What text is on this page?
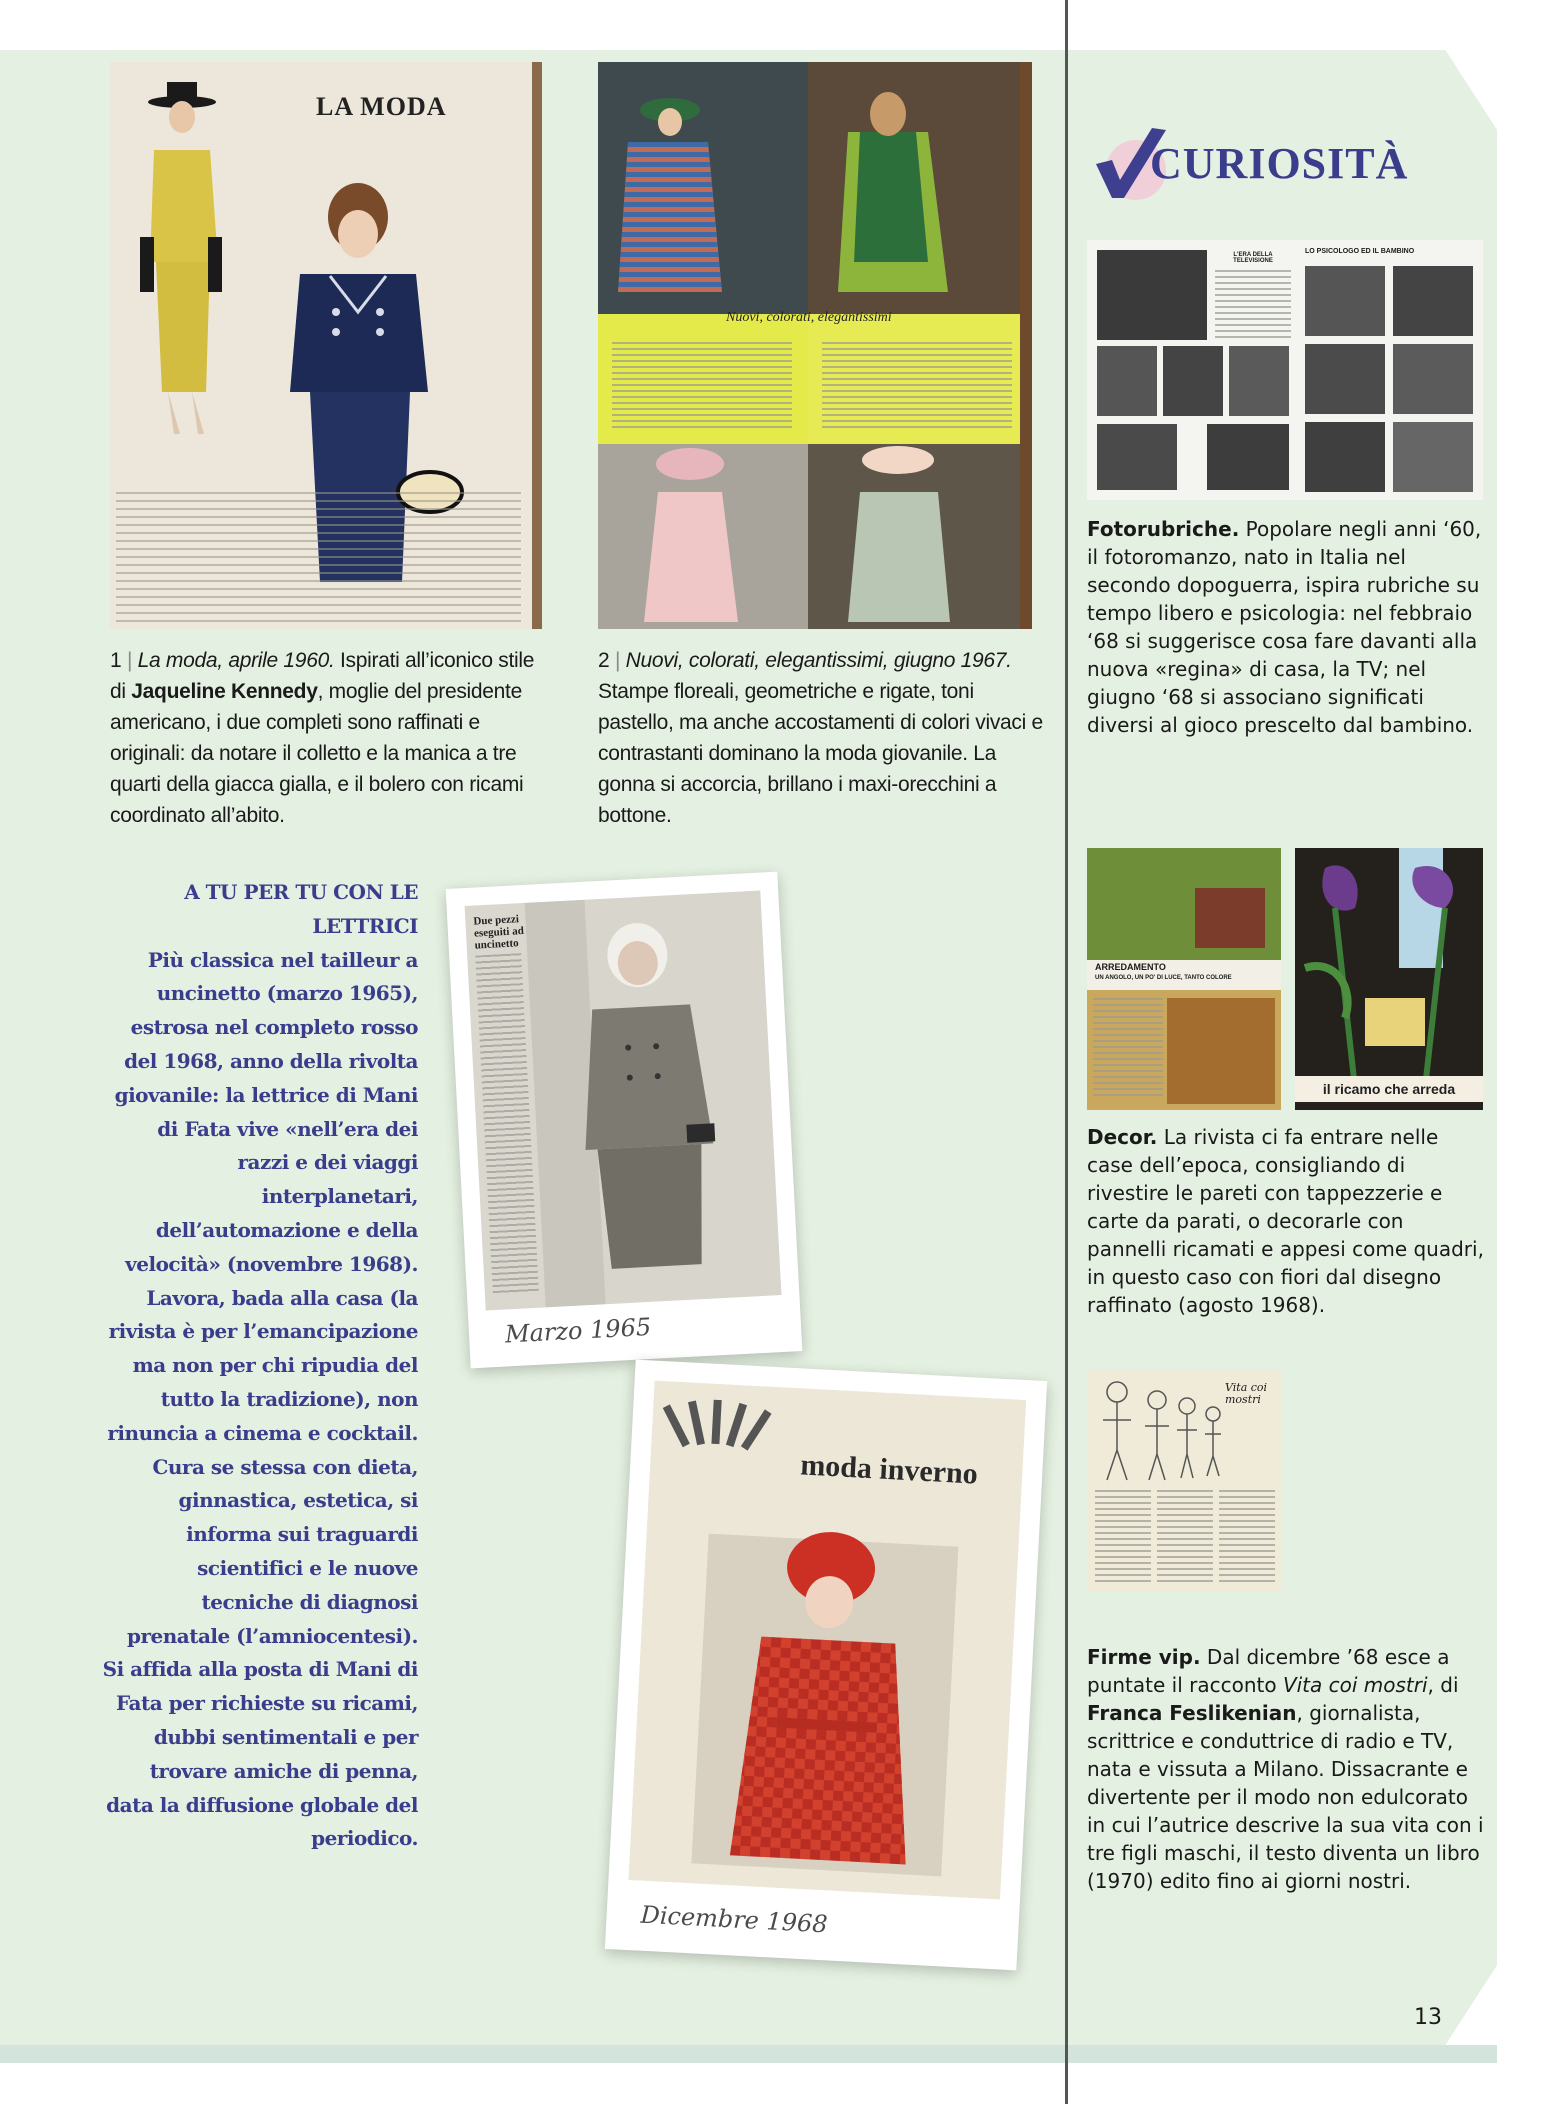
LA MODA
Nuovi, colorati, elegantissimi
1 | La moda, aprile 1960. Ispirati all’iconico stile di Jaqueline Kennedy, moglie del presidente americano, i due completi sono raffinati e originali: da notare il colletto e la manica a tre quarti della giacca gialla, e il bolero con ricami coordinato all’abito.
2 | Nuovi, colorati, elegantissimi, giugno 1967. Stampe floreali, geometriche e rigate, toni pastello, ma anche accostamenti di colori vivaci e contrastanti dominano la moda giovanile. La gonna si accorcia, brillano i maxi-orecchini a bottone.
CURIOSITÀ
L'ERA DELLA TELEVISIONE
LO PSICOLOGO ED IL BAMBINO
Fotorubriche. Popolare negli anni ‘60, il fotoromanzo, nato in Italia nel secondo dopoguerra, ispira rubriche su tempo libero e psicologia: nel febbraio ‘68 si suggerisce cosa fare davanti alla nuova «regina» di casa, la TV; nel giugno ‘68 si associano significati diversi al gioco prescelto dal bambino.
ARREDAMENTO
UN ANGOLO, UN PO' DI LUCE, TANTO COLORE
il ricamo che arreda
Decor. La rivista ci fa entrare nelle case dell’epoca, consigliando di rivestire le pareti con tappezzerie e carte da parati, o decorarle con pannelli ricamati e appesi come quadri, in questo caso con fiori dal disegno raffinato (agosto 1968).
Vita coi mostri
Firme vip. Dal dicembre ’68 esce a puntate il racconto Vita coi mostri, di Franca Feslikenian, giornalista, scrittrice e conduttrice di radio e TV, nata e vissuta a Milano. Dissacrante e divertente per il modo non edulcorato in cui l’autrice descrive la sua vita con i tre figli maschi, il testo diventa un libro (1970) edito fino ai giorni nostri.
A TU PER TU CON LE LETTRICI
Più classica nel tailleur a uncinetto (marzo 1965), estrosa nel completo rosso del 1968, anno della rivolta giovanile: la lettrice di Mani di Fata vive «nell’era dei razzi e dei viaggi interplanetari, dell’automazione e della velocità» (novembre 1968). Lavora, bada alla casa (la rivista è per l’emancipazione ma non per chi ripudia del tutto la tradizione), non rinuncia a cinema e cocktail. Cura se stessa con dieta, ginnastica, estetica, si informa sui traguardi scientifici e le nuove tecniche di diagnosi prenatale (l’amniocentesi). Si affida alla posta di Mani di Fata per richieste su ricami, dubbi sentimentali e per trovare amiche di penna, data la diffusione globale del periodico.
Due pezzi eseguiti ad uncinetto
Marzo 1965
moda inverno
Dicembre 1968
13
